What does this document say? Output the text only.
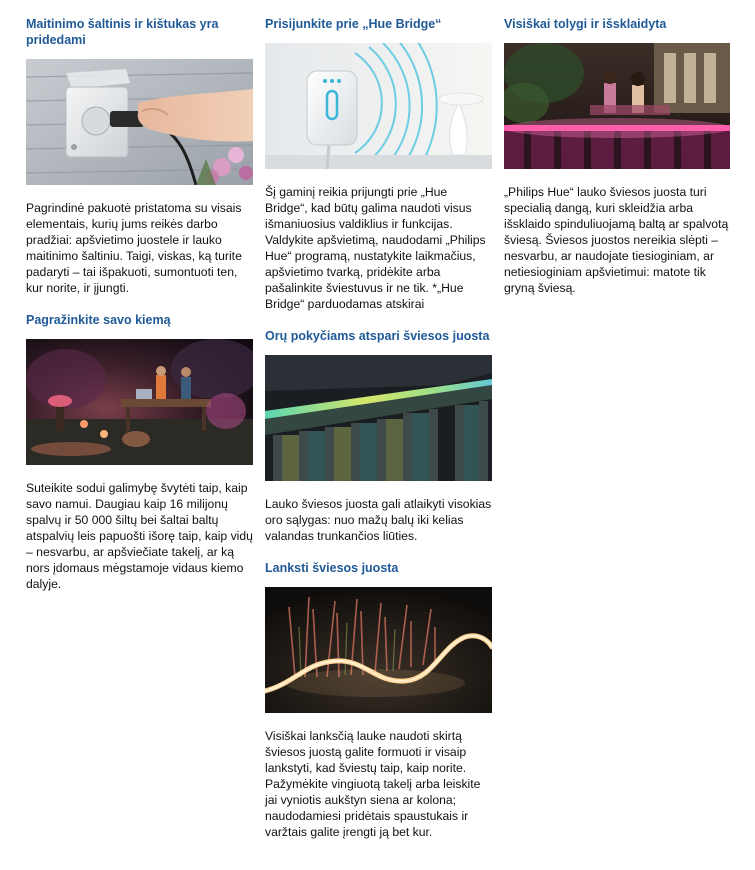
Maitinimo šaltinis ir kištukas yra pridedami

Pagrindinė pakuotė pristatoma su visais elementais, kurių jums reikės darbo pradžiai: apšvietimo juostele ir lauko maitinimo šaltiniu. Taigi, viskas, ką turite padaryti – tai išpakuoti, sumontuoti ten, kur norite, ir įjungti.

Pagražinkite savo kiemą

Suteikite sodui galimybę švytėti taip, kaip savo namui. Daugiau kaip 16 milijonų spalvų ir 50 000 šiltų bei šaltai baltų atspalvių leis papuošti išorę taip, kaip vidų – nesvarbu, ar apšviečiate takelį, ar ką nors įdomaus mėgstamoje vidaus kiemo dalyje.

Prisijunkite prie „Hue Bridge“

Šį gaminį reikia prijungti prie „Hue Bridge“, kad būtų galima naudoti visus išmaniuosius valdiklius ir funkcijas. Valdykite apšvietimą, naudodami „Philips Hue“ programą, nustatykite laikmačius, apšvietimo tvarką, pridėkite arba pašalinkite šviestuvus ir ne tik. *„Hue Bridge“ parduodamas atskirai

Orų pokyčiams atspari šviesos juosta

Lauko šviesos juosta gali atlaikyti visokias oro sąlygas: nuo mažų balų iki kelias valandas trunkančios liūties.

Lanksti šviesos juosta

Visiškai lanksčią lauke naudoti skirtą šviesos juostą galite formuoti ir visaip lankstyti, kad šviestų taip, kaip norite. Pažymėkite vingiuotą takelį arba leiskite jai vyniotis aukštyn siena ar kolona; naudodamiesi pridėtais spaustukais ir varžtais galite įrengti ją bet kur.

Visiškai tolygi ir išsklaidyta

„Philips Hue“ lauko šviesos juosta turi specialią dangą, kuri skleidžia arba išsklaido spinduliuojamą baltą ar spalvotą šviesą. Šviesos juostos nereikia slėpti – nesvarbu, ar naudojate tiesioginiam, ar netiesioginiam apšvietimui: matote tik gryną šviesą.
